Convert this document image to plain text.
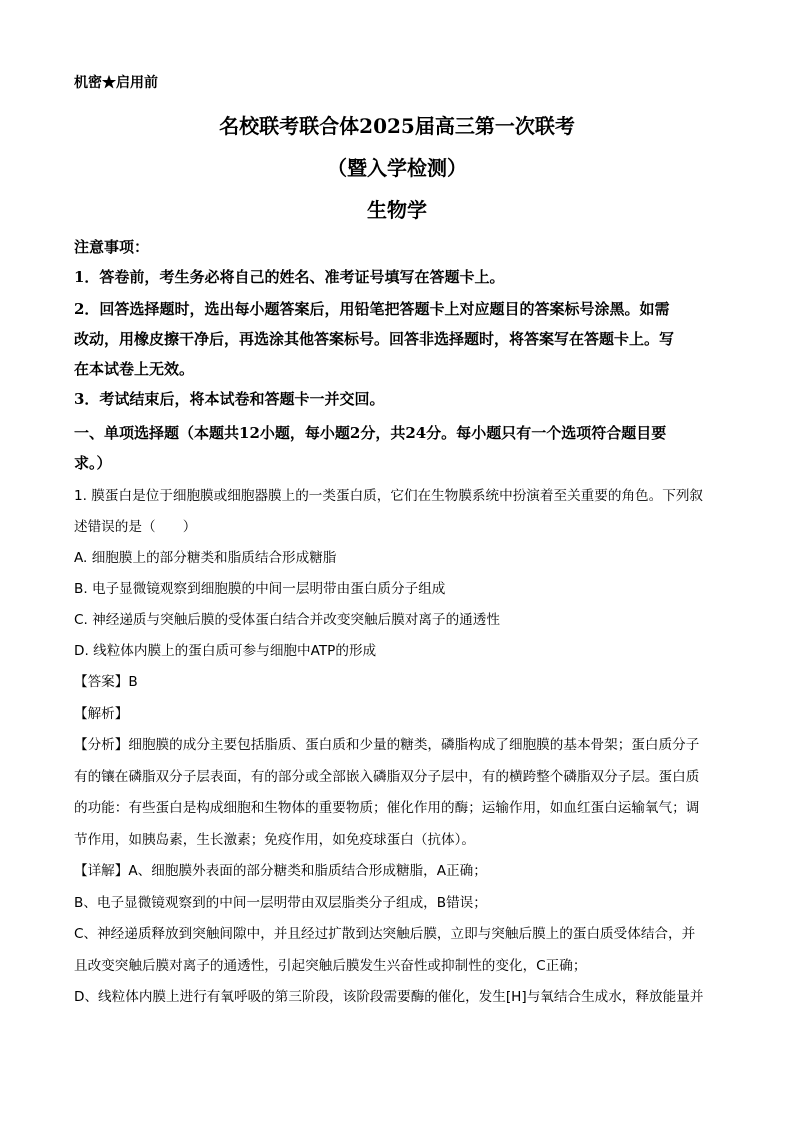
机密★启用前
名校联考联合体2025届高三第一次联考
（暨入学检测）
生物学
注意事项：
1．答卷前，考生务必将自己的姓名、准考证号填写在答题卡上。
2．回答选择题时，选出每小题答案后，用铅笔把答题卡上对应题目的答案标号涂黑。如需
改动，用橡皮擦干净后，再选涂其他答案标号。回答非选择题时，将答案写在答题卡上。写
在本试卷上无效。
3．考试结束后，将本试卷和答题卡一并交回。
一、单项选择题（本题共12小题，每小题2分，共24分。每小题只有一个选项符合题目要
求。）
1. 膜蛋白是位于细胞膜或细胞器膜上的一类蛋白质，它们在生物膜系统中扮演着至关重要的角色。下列叙
述错误的是（　　）
A. 细胞膜上的部分糖类和脂质结合形成糖脂
B. 电子显微镜观察到细胞膜的中间一层明带由蛋白质分子组成
C. 神经递质与突触后膜的受体蛋白结合并改变突触后膜对离子的通透性
D. 线粒体内膜上的蛋白质可参与细胞中ATP的形成
【答案】B
【解析】
【分析】细胞膜的成分主要包括脂质、蛋白质和少量的糖类，磷脂构成了细胞膜的基本骨架；蛋白质分子
有的镶在磷脂双分子层表面，有的部分或全部嵌入磷脂双分子层中，有的横跨整个磷脂双分子层。蛋白质
的功能：有些蛋白是构成细胞和生物体的重要物质；催化作用的酶；运输作用，如血红蛋白运输氧气；调
节作用，如胰岛素，生长激素；免疫作用，如免疫球蛋白（抗体）。
【详解】A、细胞膜外表面的部分糖类和脂质结合形成糖脂，A正确；
B、电子显微镜观察到的中间一层明带由双层脂类分子组成，B错误；
C、神经递质释放到突触间隙中，并且经过扩散到达突触后膜，立即与突触后膜上的蛋白质受体结合，并
且改变突触后膜对离子的通透性，引起突触后膜发生兴奋性或抑制性的变化，C正确；
D、线粒体内膜上进行有氧呼吸的第三阶段，该阶段需要酶的催化，发生[H]与氧结合生成水，释放能量并
